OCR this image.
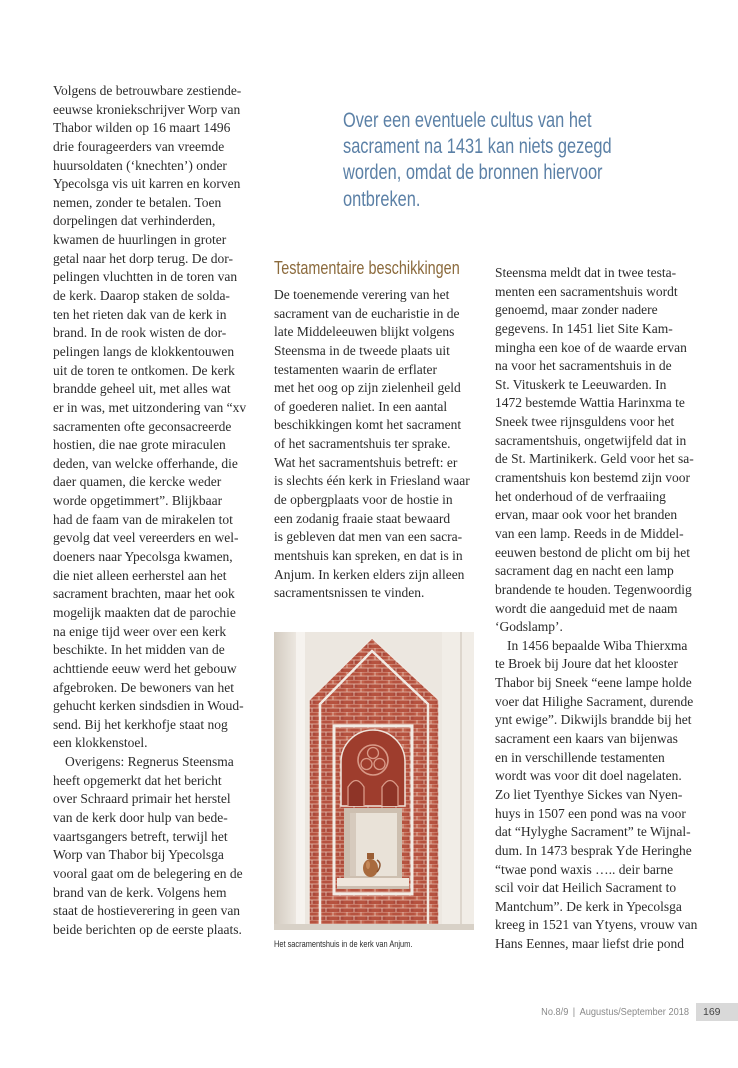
Volgens de betrouwbare zestiende-
eeuwse kroniekschrijver Worp van
Thabor wilden op 16 maart 1496
drie fourageerders van vreemde
huursoldaten (‘knechten’) onder
Ypecolsga vis uit karren en korven
nemen, zonder te betalen. Toen
dorpelingen dat verhinderden,
kwamen de huurlingen in groter
getal naar het dorp terug. De dor-
pelingen vluchtten in de toren van
de kerk. Daarop staken de solda-
ten het rieten dak van de kerk in
brand. In de rook wisten de dor-
pelingen langs de klokkentouwen
uit de toren te ontkomen. De kerk
brandde geheel uit, met alles wat
er in was, met uitzondering van “xv
sacramenten ofte geconsacreerde
hostien, die nae grote miraculen
deden, van welcke offerhande, die
daer quamen, die kercke weder
worde opgetimmert”. Blijkbaar
had de faam van de mirakelen tot
gevolg dat veel vereerders en wel-
doeners naar Ypecolsga kwamen,
die niet alleen eerherstel aan het
sacrament brachten, maar het ook
mogelijk maakten dat de parochie
na enige tijd weer over een kerk
beschikte. In het midden van de
achttiende eeuw werd het gebouw
afgebroken. De bewoners van het
gehucht kerken sindsdien in Woud-
send. Bij het kerkhofje staat nog
een klokkenstoel.
Overigens: Regnerus Steensma
heeft opgemerkt dat het bericht
over Schraard primair het herstel
van de kerk door hulp van bede-
vaartsgangers betreft, terwijl het
Worp van Thabor bij Ypecolsga
vooral gaat om de belegering en de
brand van de kerk. Volgens hem
staat de hostieverering in geen van
beide berichten op de eerste plaats.
Over een eventuele cultus van het
sacrament na 1431 kan niets gezegd
worden, omdat de bronnen hiervoor
ontbreken.
Testamentaire beschikkingen
De toenemende verering van het
sacrament van de eucharistie in de
late Middeleeuwen blijkt volgens
Steensma in de tweede plaats uit
testamenten waarin de erflater
met het oog op zijn zielenheil geld
of goederen naliet. In een aantal
beschikkingen komt het sacrament
of het sacramentshuis ter sprake.
Wat het sacramentshuis betreft: er
is slechts één kerk in Friesland waar
de opbergplaats voor de hostie in
een zodanig fraaie staat bewaard
is gebleven dat men van een sacra-
mentshuis kan spreken, en dat is in
Anjum. In kerken elders zijn alleen
sacramentsnissen te vinden.
Het sacramentshuis in de kerk van Anjum.
Steensma meldt dat in twee testa-
menten een sacramentshuis wordt
genoemd, maar zonder nadere
gegevens. In 1451 liet Site Kam-
mingha een koe of de waarde ervan
na voor het sacramentshuis in de
St. Vituskerk te Leeuwarden. In
1472 bestemde Wattia Harinxma te
Sneek twee rijnsguldens voor het
sacramentshuis, ongetwijfeld dat in
de St. Martinikerk. Geld voor het sa-
cramentshuis kon bestemd zijn voor
het onderhoud of de verfraaiing
ervan, maar ook voor het branden
van een lamp. Reeds in de Middel-
eeuwen bestond de plicht om bij het
sacrament dag en nacht een lamp
brandende te houden. Tegenwoordig
wordt die aangeduid met de naam
‘Godslamp’.
In 1456 bepaalde Wiba Thierxma
te Broek bij Joure dat het klooster
Thabor bij Sneek “eene lampe holde
voer dat Hilighe Sacrament, durende
ynt ewige”. Dikwijls brandde bij het
sacrament een kaars van bijenwas
en in verschillende testamenten
wordt was voor dit doel nagelaten.
Zo liet Tyenthye Sickes van Nyen-
huys in 1507 een pond was na voor
dat “Hylyghe Sacrament” te Wijnal-
dum. In 1473 besprak Yde Heringhe
“twae pond waxis ….. deir barne
scil voir dat Heilich Sacrament to
Mantchum”. De kerk in Ypecolsga
kreeg in 1521 van Ytyens, vrouw van
Hans Eennes, maar liefst drie pond
No.8/9 | Augustus/September 2018	169
